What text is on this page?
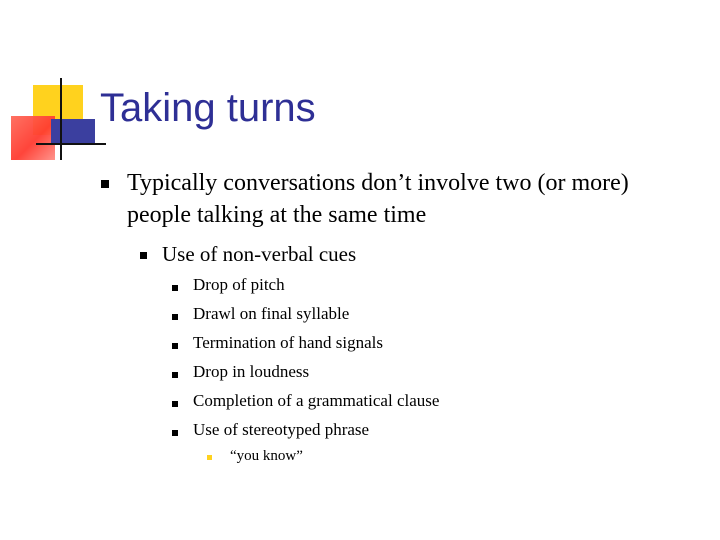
Taking turns
Typically conversations don’t involve two (or more) people talking at the same time
Use of non-verbal cues
Drop of pitch
Drawl on final syllable
Termination of hand signals
Drop in loudness
Completion of a grammatical clause
Use of stereotyped phrase
“you know”
